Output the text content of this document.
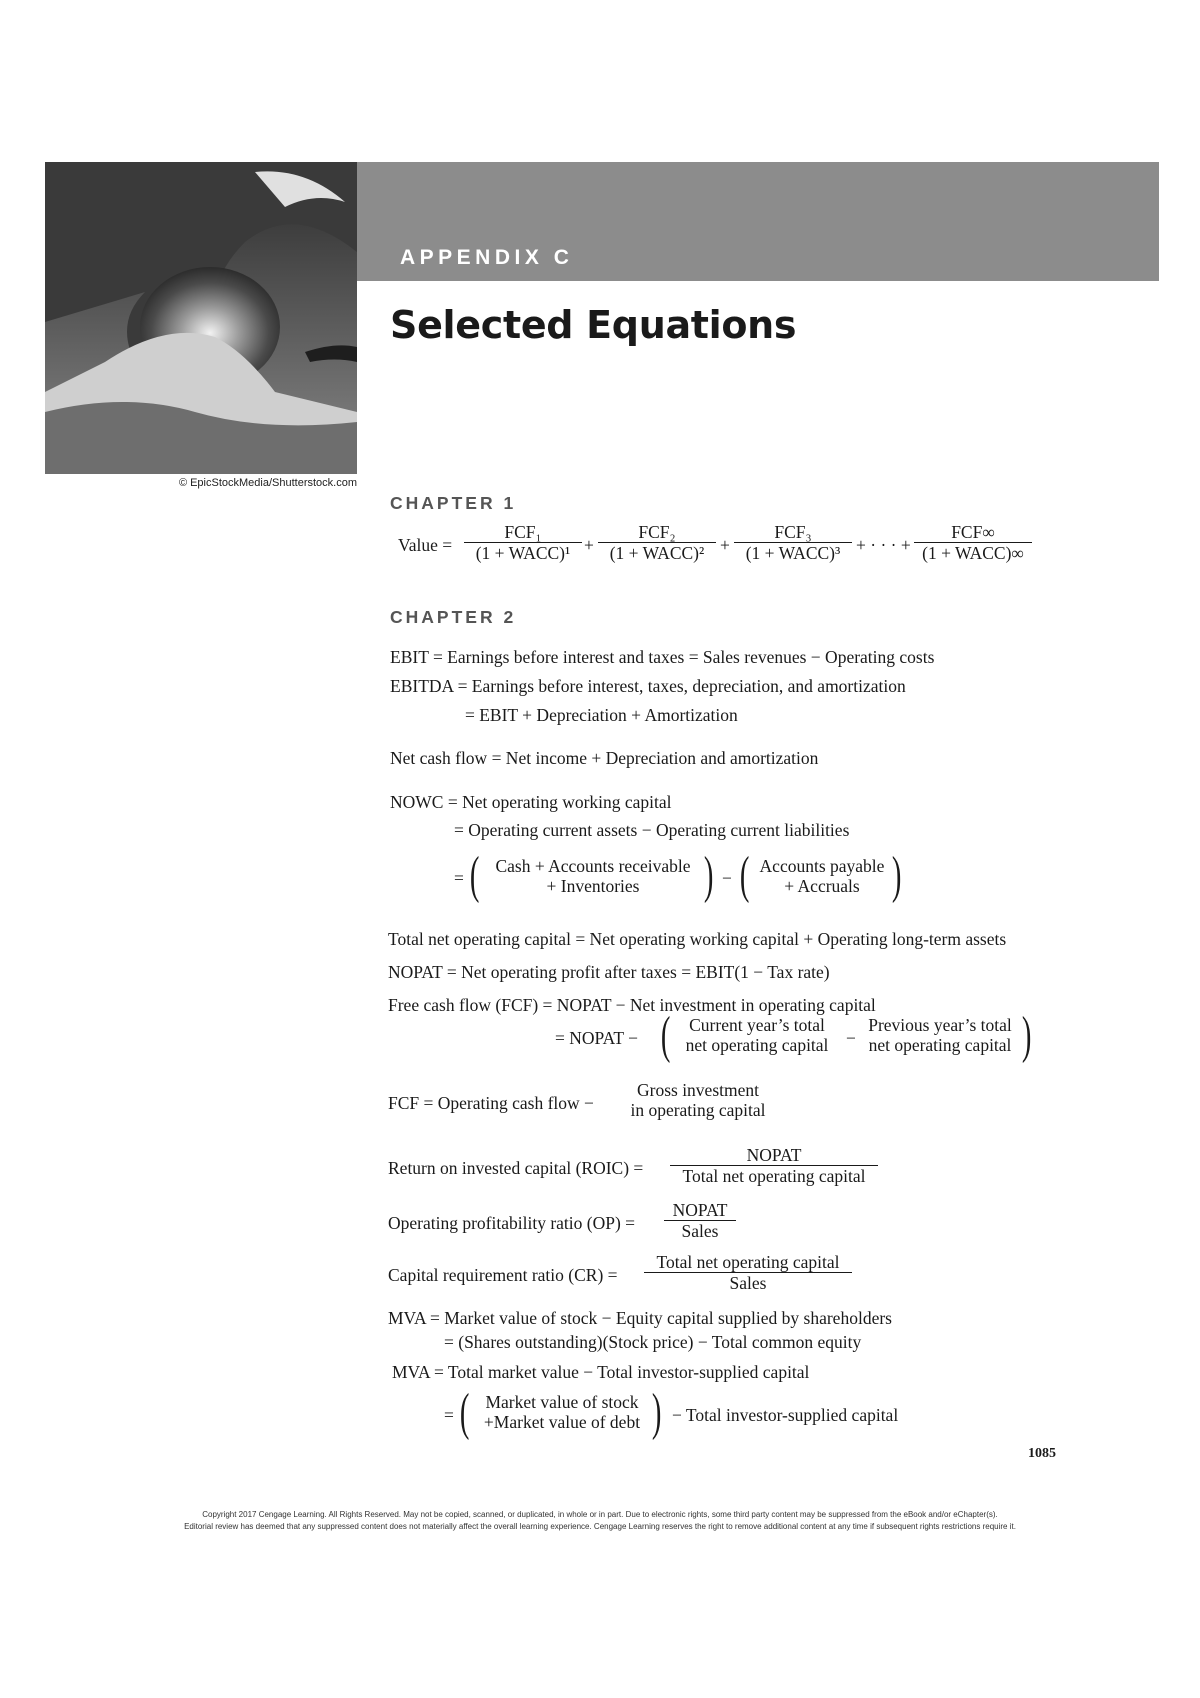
© EpicStockMedia/Shutterstock.com
APPENDIX C
Selected Equations
CHAPTER 1
Value =
FCF₁
(1 + WACC)¹ +
FCF₂
(1 + WACC)² +
FCF₃
(1 + WACC)³ + · · · +
FCF∞
(1 + WACC)∞
CHAPTER 2
EBIT = Earnings before interest and taxes = Sales revenues − Operating costs
EBITDA = Earnings before interest, taxes, depreciation, and amortization
= EBIT + Depreciation + Amortization
Net cash flow = Net income + Depreciation and amortization
NOWC = Net operating working capital
= Operating current assets − Operating current liabilities
= ( Cash + Accounts receivable
+ Inventories	) − ( Accounts payable
+ Accruals )
Total net operating capital = Net operating working capital + Operating long-term assets
NOPAT = Net operating profit after taxes = EBIT(1 − Tax rate)
Free cash flow (FCF) = NOPAT − Net investment in operating capital
= NOPAT − (	Current year’s total
net operating capital	−
Previous year’s total
net operating capital )
FCF = Operating cash flow −
Gross investment
in operating capital
Return on invested capital (ROIC) =
NOPAT
Total net operating capital
Operating profitability ratio (OP) =
NOPAT
Sales
Capital requirement ratio (CR) =
Total net operating capital
Sales
MVA = Market value of stock − Equity capital supplied by shareholders
= (Shares outstanding)(Stock price) − Total common equity
MVA = Total market value − Total investor-supplied capital
= ( Market value of stock
+Market value of debt ) − Total investor-supplied capital
1085
Copyright 2017 Cengage Learning. All Rights Reserved. May not be copied, scanned, or duplicated, in whole or in part. Due to electronic rights, some third party content may be suppressed from the eBook and/or eChapter(s).
Editorial review has deemed that any suppressed content does not materially affect the overall learning experience. Cengage Learning reserves the right to remove additional content at any time if subsequent rights restrictions require it.
